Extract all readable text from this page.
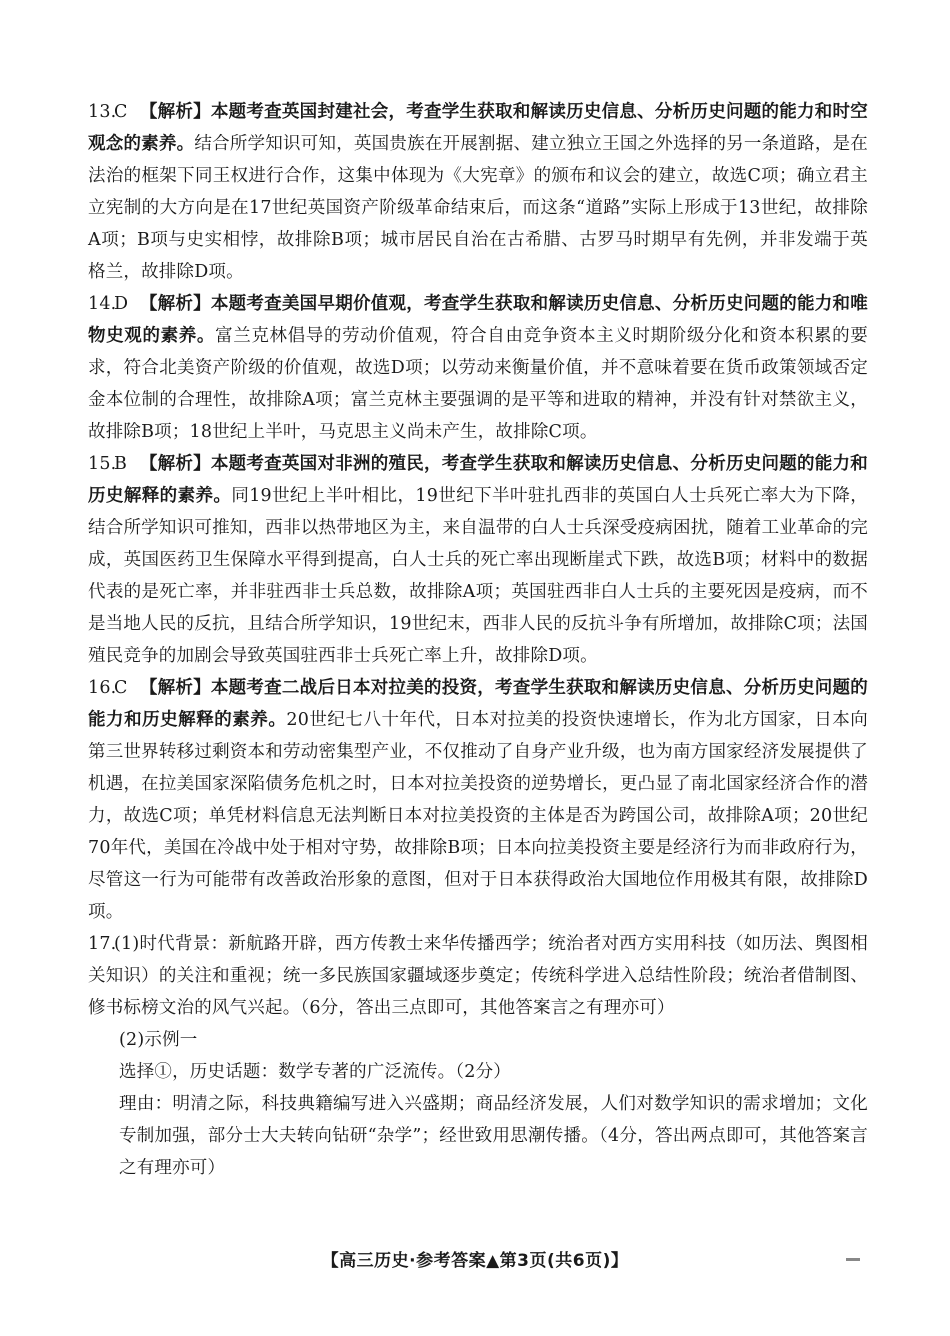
13.C 【解析】本题考查英国封建社会，考查学生获取和解读历史信息、分析历史问题的能力和时空观念的素养。结合所学知识可知，英国贵族在开展割据、建立独立王国之外选择的另一条道路，是在法治的框架下同王权进行合作，这集中体现为《大宪章》的颁布和议会的建立，故选C项；确立君主立宪制的大方向是在17世纪英国资产阶级革命结束后，而这条“道路”实际上形成于13世纪，故排除A项；B项与史实相悖，故排除B项；城市居民自治在古希腊、古罗马时期早有先例，并非发端于英格兰，故排除D项。

14.D 【解析】本题考查美国早期价值观，考查学生获取和解读历史信息、分析历史问题的能力和唯物史观的素养。富兰克林倡导的劳动价值观，符合自由竞争资本主义时期阶级分化和资本积累的要求，符合北美资产阶级的价值观，故选D项；以劳动来衡量价值，并不意味着要在货币政策领域否定金本位制的合理性，故排除A项；富兰克林主要强调的是平等和进取的精神，并没有针对禁欲主义，故排除B项；18世纪上半叶，马克思主义尚未产生，故排除C项。

15.B 【解析】本题考查英国对非洲的殖民，考查学生获取和解读历史信息、分析历史问题的能力和历史解释的素养。同19世纪上半叶相比，19世纪下半叶驻扎西非的英国白人士兵死亡率大为下降，结合所学知识可推知，西非以热带地区为主，来自温带的白人士兵深受疫病困扰，随着工业革命的完成，英国医药卫生保障水平得到提高，白人士兵的死亡率出现断崖式下跌，故选B项；材料中的数据代表的是死亡率，并非驻西非士兵总数，故排除A项；英国驻西非白人士兵的主要死因是疫病，而不是当地人民的反抗，且结合所学知识，19世纪末，西非人民的反抗斗争有所增加，故排除C项；法国殖民竞争的加剧会导致英国驻西非士兵死亡率上升，故排除D项。

16.C 【解析】本题考查二战后日本对拉美的投资，考查学生获取和解读历史信息、分析历史问题的能力和历史解释的素养。20世纪七八十年代，日本对拉美的投资快速增长，作为北方国家，日本向第三世界转移过剩资本和劳动密集型产业，不仅推动了自身产业升级，也为南方国家经济发展提供了机遇，在拉美国家深陷债务危机之时，日本对拉美投资的逆势增长，更凸显了南北国家经济合作的潜力，故选C项；单凭材料信息无法判断日本对拉美投资的主体是否为跨国公司，故排除A项；20世纪70年代，美国在冷战中处于相对守势，故排除B项；日本向拉美投资主要是经济行为而非政府行为，尽管这一行为可能带有改善政治形象的意图，但对于日本获得政治大国地位作用极其有限，故排除D项。

17.(1)时代背景：新航路开辟，西方传教士来华传播西学；统治者对西方实用科技（如历法、舆图相关知识）的关注和重视；统一多民族国家疆域逐步奠定；传统科学进入总结性阶段；统治者借制图、修书标榜文治的风气兴起。（6分，答出三点即可，其他答案言之有理亦可）

(2)示例一

选择①，历史话题：数学专著的广泛流传。（2分）

理由：明清之际，科技典籍编写进入兴盛期；商品经济发展，人们对数学知识的需求增加；文化专制加强，部分士大夫转向钻研“杂学”；经世致用思潮传播。（4分，答出两点即可，其他答案言之有理亦可）

【高三历史·参考答案▲第3页(共6页)】
